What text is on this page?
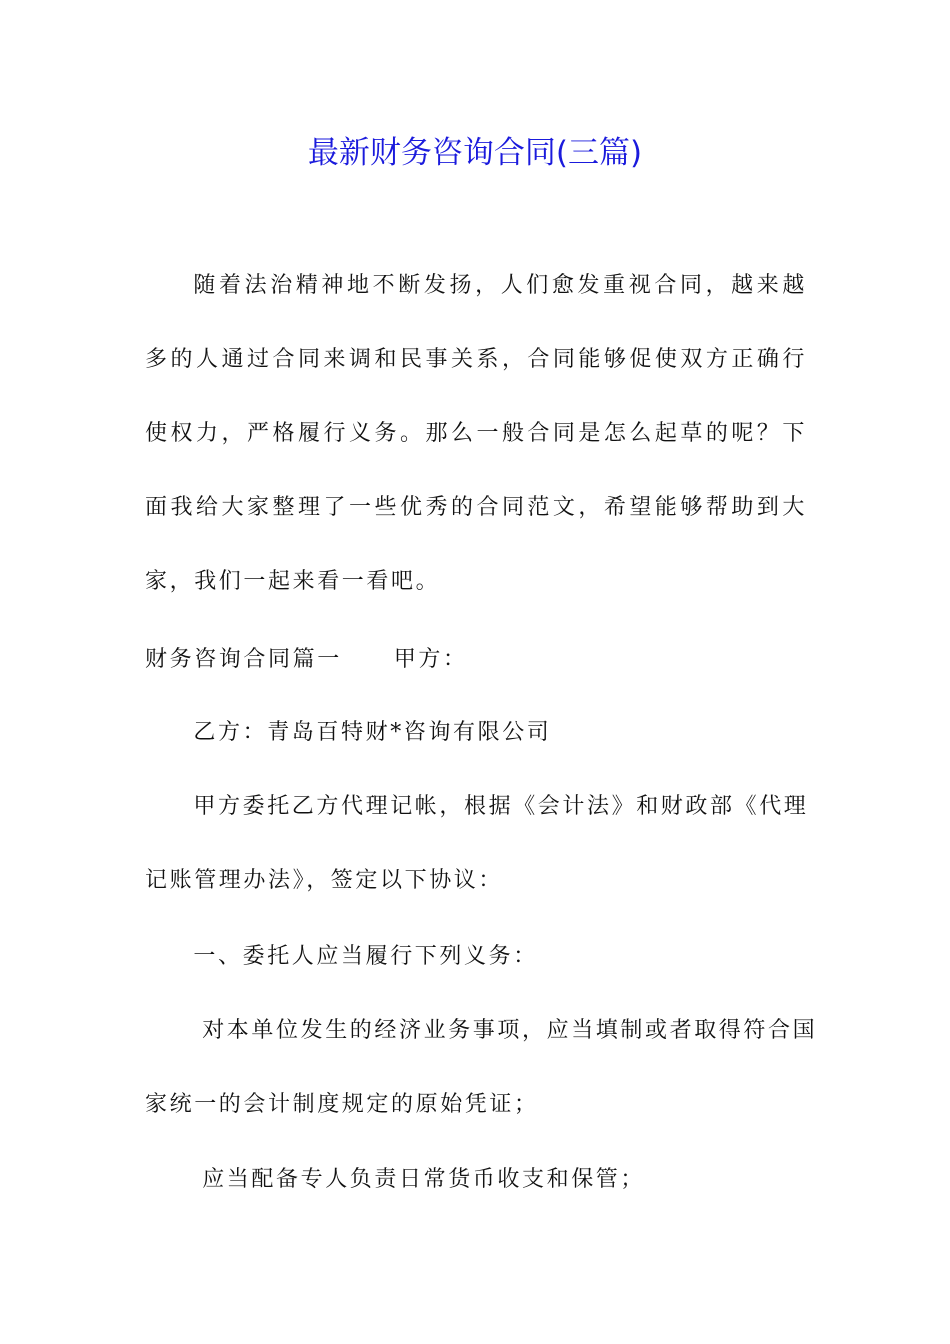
最新财务咨询合同(三篇)
随着法治精神地不断发扬，人们愈发重视合同，越来越多的人通过合同来调和民事关系，合同能够促使双方正确行使权力，严格履行义务。那么一般合同是怎么起草的呢？下面我给大家整理了一些优秀的合同范文，希望能够帮助到大家，我们一起来看一看吧。
财务咨询合同篇一 甲方：
乙方：青岛百特财*咨询有限公司
甲方委托乙方代理记帐，根据《会计法》和财政部《代理
记账管理办法》，签定以下协议：
一、委托人应当履行下列义务：
对本单位发生的经济业务事项，应当填制或者取得符合国
家统一的会计制度规定的原始凭证；
应当配备专人负责日常货币收支和保管；
